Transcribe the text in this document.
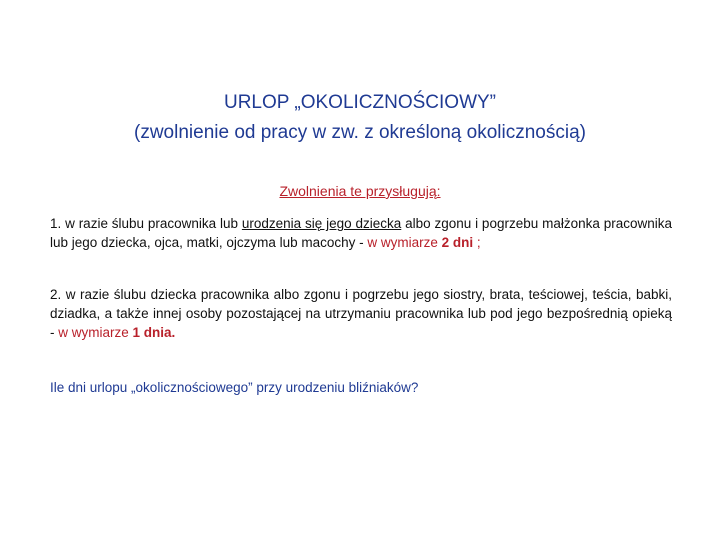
URLOP „OKOLICZNOŚCIOWY”
(zwolnienie od pracy w zw. z określoną okolicznością)
Zwolnienia te przysługują:
1. w razie ślubu pracownika lub urodzenia się jego dziecka albo zgonu i pogrzebu małżonka pracownika lub jego dziecka, ojca, matki, ojczyma lub macochy - w wymiarze 2 dni ;
2. w razie ślubu dziecka pracownika albo zgonu i pogrzebu jego siostry, brata, teściowej, teścia, babki, dziadka, a także innej osoby pozostającej na utrzymaniu pracownika lub pod jego bezpośrednią opieką - w wymiarze 1 dnia.
Ile dni urlopu „okolicznościowego” przy urodzeniu bliźniaków?
